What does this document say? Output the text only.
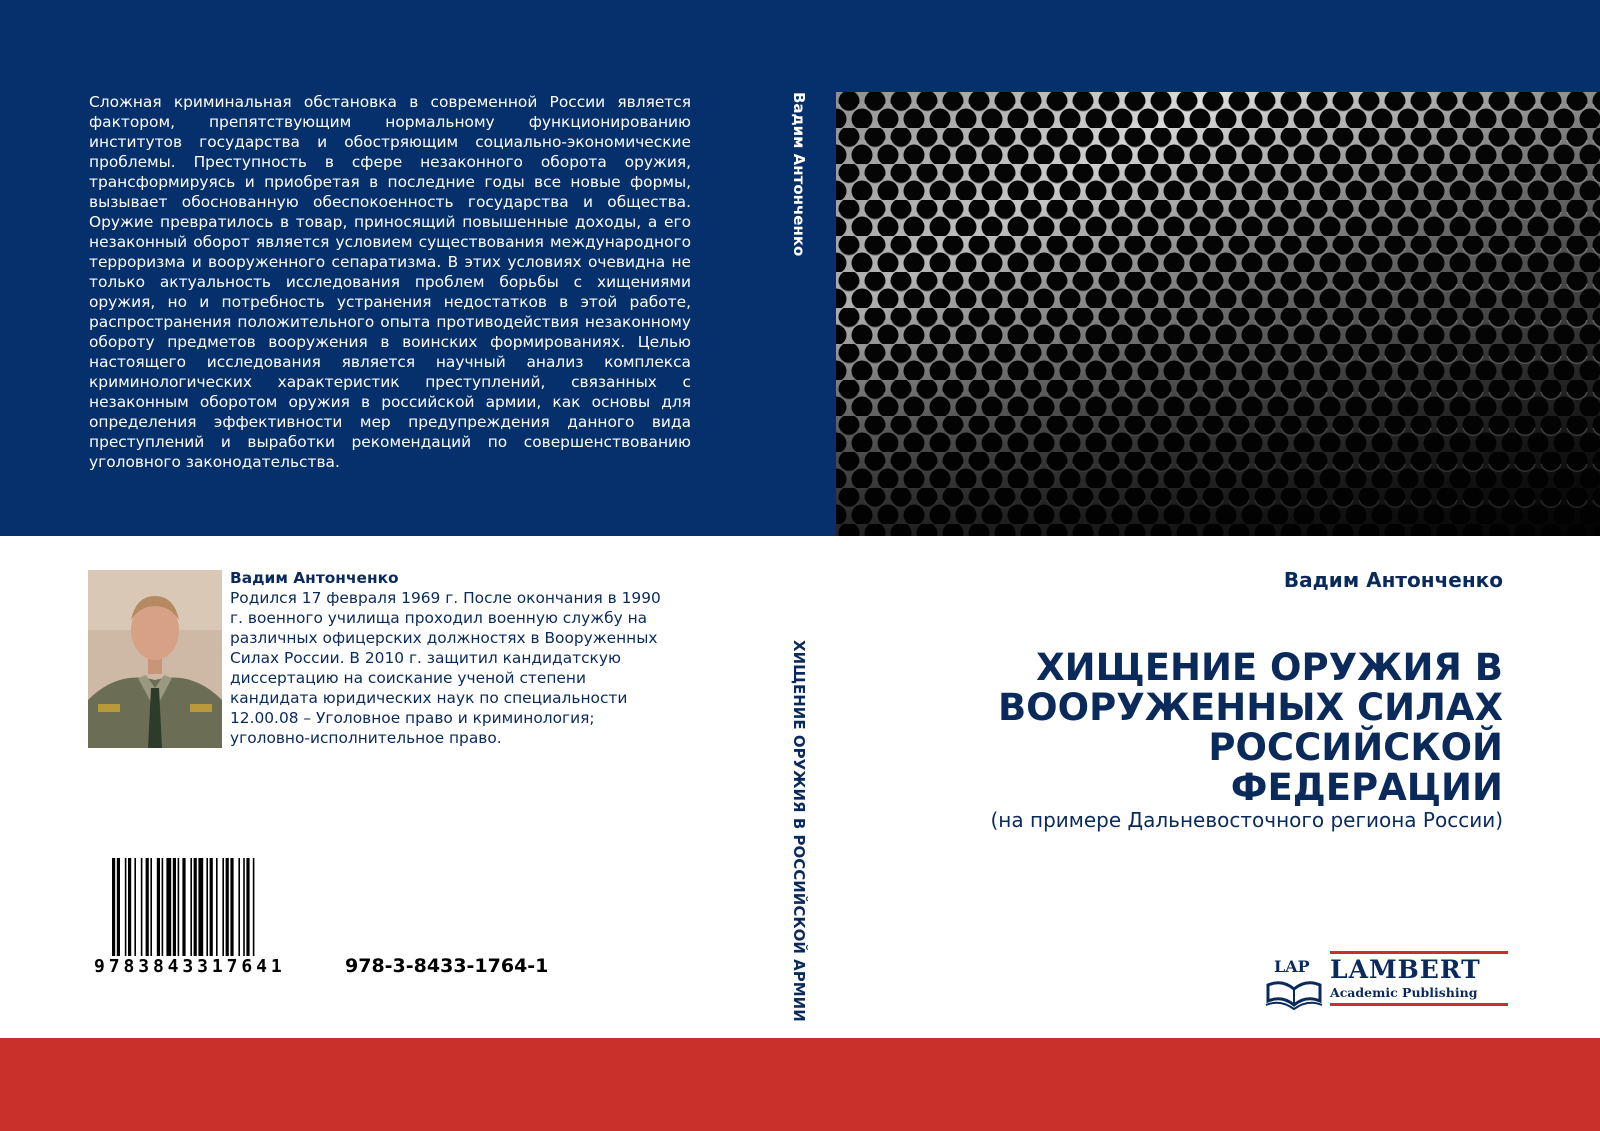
Сложная криминальная обстановка в современной России является фактором, препятствующим нормальному функционированию институтов государства и обостряющим социально-экономические проблемы. Преступность в сфере незаконного оборота оружия, трансформируясь и приобретая в последние годы все новые формы, вызывает обоснованную обеспокоенность государства и общества. Оружие превратилось в товар, приносящий повышенные доходы, а его незаконный оборот является условием существования международного терроризма и вооруженного сепаратизма. В этих условиях очевидна не только актуальность исследования проблем борьбы с хищениями оружия, но и потребность устранения недостатков в этой работе, распространения положительного опыта противодействия незаконному обороту предметов вооружения в воинских формированиях. Целью настоящего исследования является научный анализ комплекса криминологических характеристик преступлений, связанных с незаконным оборотом оружия в российской армии, как основы для определения эффективности мер предупреждения данного вида преступлений и выработки рекомендаций по совершенствованию уголовного законодательства.
Вадим Антонченко
Вадим Антонченко
Родился 17 февраля 1969 г. После окончания в 1990 г. военного училища проходил военную службу на различных офицерских должностях в Вооруженных Силах России. В 2010 г. защитил кандидатскую диссертацию на соискание ученой степени кандидата юридических наук по специальности 12.00.08 – Уголовное право и криминология; уголовно-исполнительное право.	ХИЩЕНИЕ ОРУЖИЯ В РОССИЙСКОЙ АРМИИ
Вадим Антонченко
ХИЩЕНИЕ ОРУЖИЯ В
ВООРУЖЕННЫХ СИЛАХ
РОССИЙСКОЙ
ФЕДЕРАЦИИ
(на примере Дальневосточного региона России)
9783843317641	978-3-8433-1764-1	LAP LAMBERT
Academic Publishing
